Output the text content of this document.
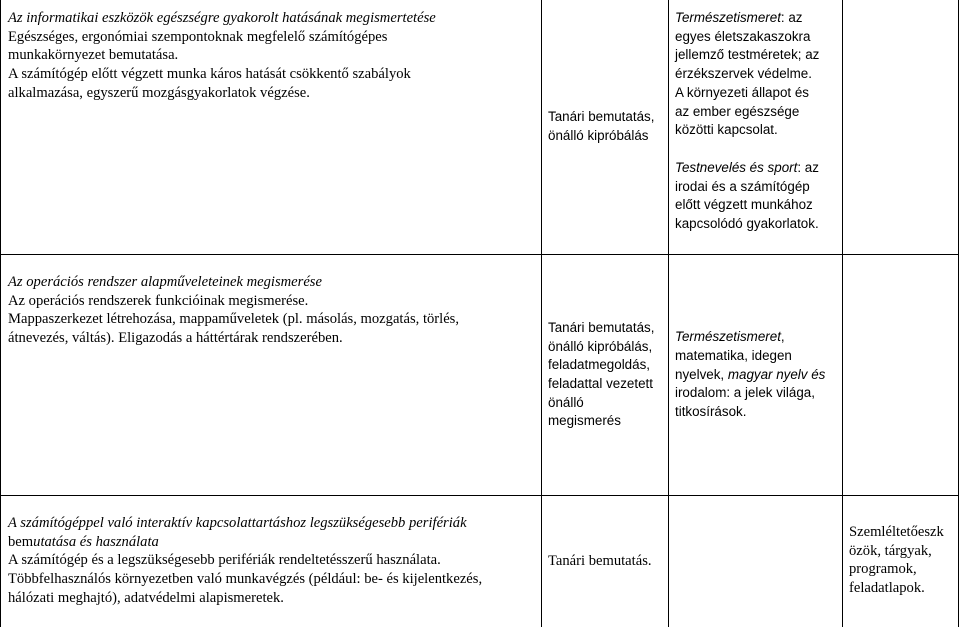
Az informatikai eszközök egészségre gyakorolt hatásának megismertetése
Egészséges, ergonómiai szempontoknak megfelelő számítógépes
munkakörnyezet bemutatása.
A számítógép előtt végzett munka káros hatását csökkentő szabályok
alkalmazása, egyszerű mozgásgyakorlatok végzése.
Tanári bemutatás,
önálló kipróbálás
Természetismeret: az
egyes életszakaszokra
jellemző testméretek; az
érzékszervek védelme.
A környezeti állapot és
az ember egészsége
közötti kapcsolat.
Testnevelés és sport: az
irodai és a számítógép
előtt végzett munkához
kapcsolódó gyakorlatok.
Az operációs rendszer alapműveleteinek megismerése
Az operációs rendszerek funkcióinak megismerése.
Mappaszerkezet létrehozása, mappaműveletek (pl. másolás, mozgatás, törlés,
átnevezés, váltás). Eligazodás a háttértárak rendszerében.
Tanári bemutatás,
önálló kipróbálás,
feladatmegoldás,
feladattal vezetett
önálló
megismerés
Természetismeret,
matematika, idegen
nyelvek, magyar nyelv és
irodalom: a jelek világa,
titkosírások.
A számítógéppel való interaktív kapcsolattartáshoz legszükségesebb perifériák
bemutatása és használata
A számítógép és a legszükségesebb perifériák rendeltetésszerű használata.
Többfelhasználós környezetben való munkavégzés (például: be- és kijelentkezés,
hálózati meghajtó), adatvédelmi alapismeretek.
Tanári bemutatás.
Szemléltetőeszk
özök, tárgyak,
programok,
feladatlapok.
